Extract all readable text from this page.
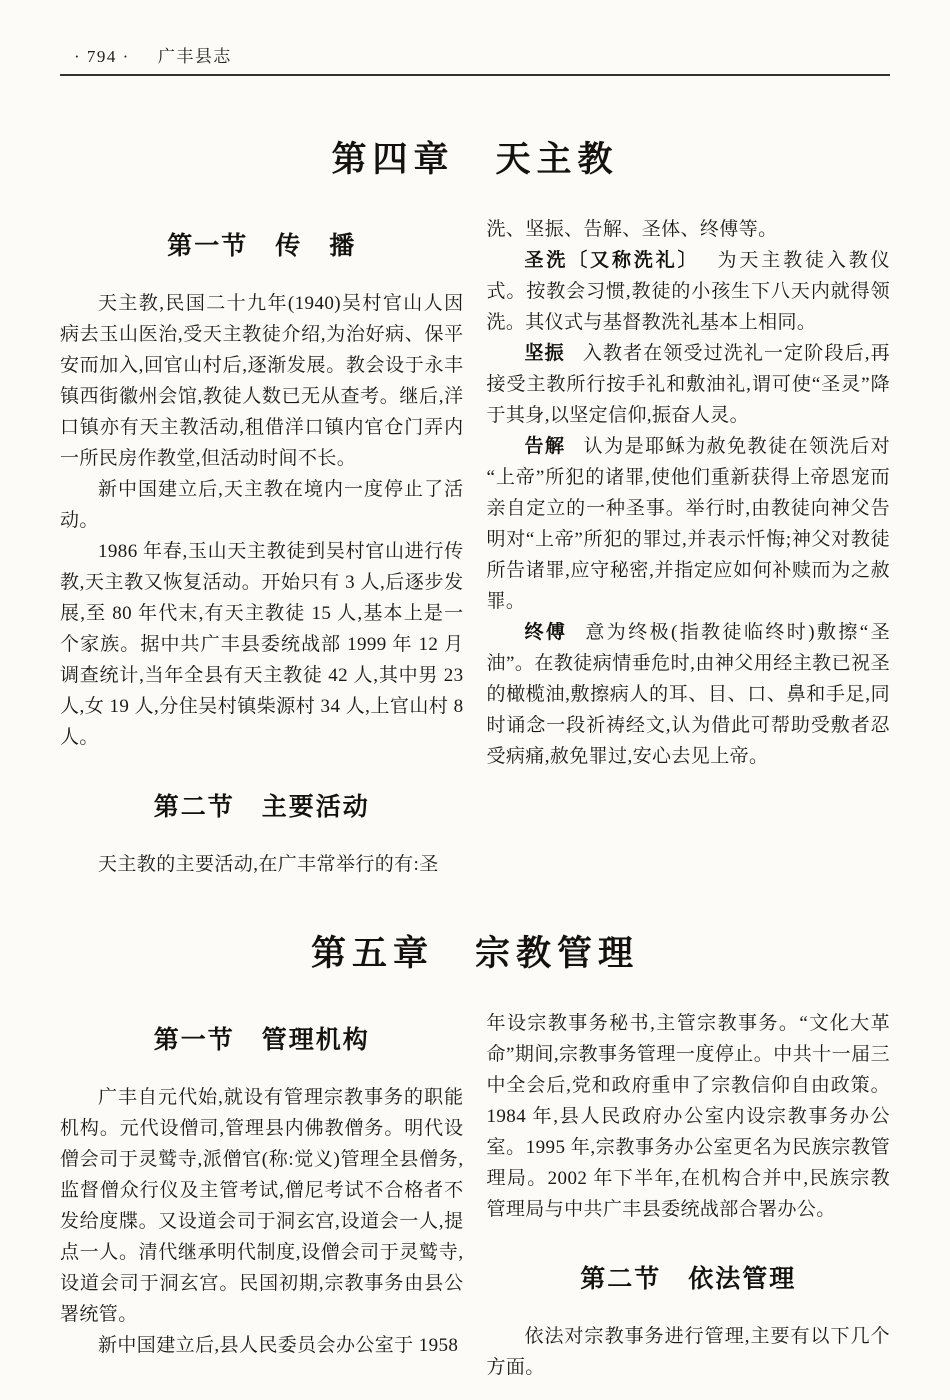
· 794 · 广丰县志
第四章　天主教
第一节　传　播

天主教,民国二十九年(1940)吴村官山人因病去玉山医治,受天主教徒介绍,为治好病、保平安而加入,回官山村后,逐渐发展。教会设于永丰镇西街徽州会馆,教徒人数已无从查考。继后,洋口镇亦有天主教活动,租借洋口镇内官仓门弄内一所民房作教堂,但活动时间不长。

新中国建立后,天主教在境内一度停止了活动。

1986 年春,玉山天主教徒到吴村官山进行传教,天主教又恢复活动。开始只有 3 人,后逐步发展,至 80 年代末,有天主教徒 15 人,基本上是一个家族。据中共广丰县委统战部 1999 年 12 月调查统计,当年全县有天主教徒 42 人,其中男 23 人,女 19 人,分住吴村镇柴源村 34 人,上官山村 8 人。

第二节　主要活动

天主教的主要活动,在广丰常举行的有:圣

洗、坚振、告解、圣体、终傅等。

圣洗〔又称洗礼〕 为天主教徒入教仪式。按教会习惯,教徒的小孩生下八天内就得领洗。其仪式与基督教洗礼基本上相同。

坚振 入教者在领受过洗礼一定阶段后,再接受主教所行按手礼和敷油礼,谓可使“圣灵”降于其身,以坚定信仰,振奋人灵。

告解 认为是耶稣为赦免教徒在领洗后对“上帝”所犯的诸罪,使他们重新获得上帝恩宠而亲自定立的一种圣事。举行时,由教徒向神父告明对“上帝”所犯的罪过,并表示忏悔;神父对教徒所告诸罪,应守秘密,并指定应如何补赎而为之赦罪。

终傅 意为终极(指教徒临终时)敷擦“圣油”。在教徒病情垂危时,由神父用经主教已祝圣的橄榄油,敷擦病人的耳、目、口、鼻和手足,同时诵念一段祈祷经文,认为借此可帮助受敷者忍受病痛,赦免罪过,安心去见上帝。

第五章　宗教管理
第一节　管理机构

广丰自元代始,就设有管理宗教事务的职能机构。元代设僧司,管理县内佛教僧务。明代设僧会司于灵鹫寺,派僧官(称:觉义)管理全县僧务,监督僧众行仪及主管考试,僧尼考试不合格者不发给度牒。又设道会司于洞玄宫,设道会一人,提点一人。清代继承明代制度,设僧会司于灵鹫寺,设道会司于洞玄宫。民国初期,宗教事务由县公署统管。

新中国建立后,县人民委员会办公室于 1958

年设宗教事务秘书,主管宗教事务。“文化大革命”期间,宗教事务管理一度停止。中共十一届三中全会后,党和政府重申了宗教信仰自由政策。1984 年,县人民政府办公室内设宗教事务办公室。1995 年,宗教事务办公室更名为民族宗教管理局。2002 年下半年,在机构合并中,民族宗教管理局与中共广丰县委统战部合署办公。

第二节　依法管理

依法对宗教事务进行管理,主要有以下几个方面。
